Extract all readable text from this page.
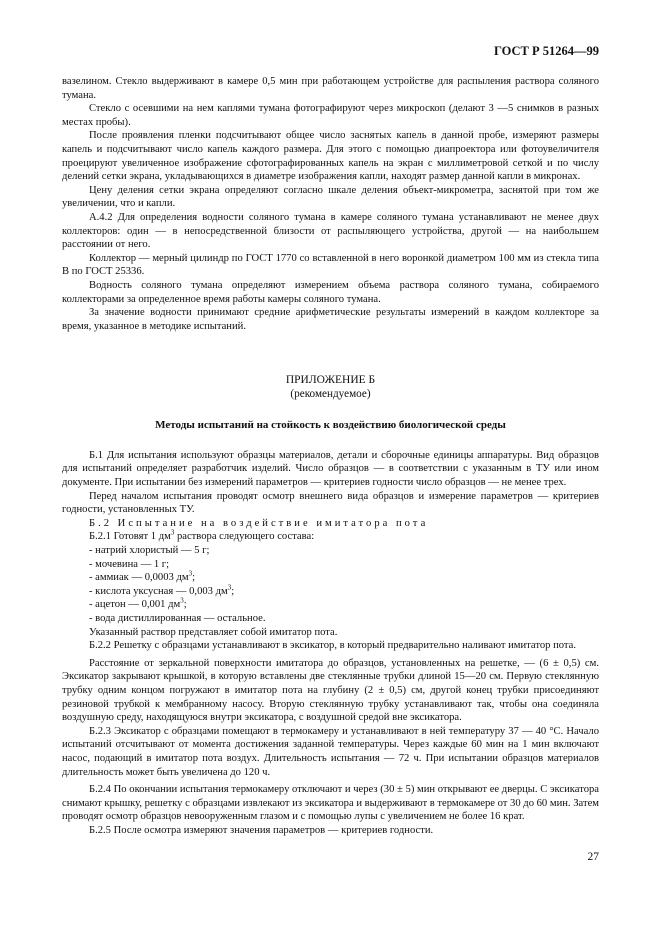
ГОСТ Р 51264—99

вазелином. Стекло выдерживают в камере 0,5 мин при работающем устройстве для распыления раствора соляного тумана.

Стекло с осевшими на нем каплями тумана фотографируют через микроскоп (делают 3 —5 снимков в разных местах пробы).

После проявления пленки подсчитывают общее число заснятых капель в данной пробе, измеряют размеры капель и подсчитывают число капель каждого размера. Для этого с помощью диапроектора или фотоувеличителя проецируют увеличенное изображение сфотографированных капель на экран с миллиметровой сеткой и по числу делений сетки экрана, укладывающихся в диаметре изображения капли, находят размер данной капли в микронах.

Цену деления сетки экрана определяют согласно шкале деления объект-микрометра, заснятой при том же увеличении, что и капли.

А.4.2 Для определения водности соляного тумана в камере соляного тумана устанавливают не менее двух коллекторов: один — в непосредственной близости от распыляющего устройства, другой — на наибольшем расстоянии от него.

Коллектор — мерный цилиндр по ГОСТ 1770 со вставленной в него воронкой диаметром 100 мм из стекла типа В по ГОСТ 25336.

Водность соляного тумана определяют измерением объема раствора соляного тумана, собираемого коллекторами за определенное время работы камеры соляного тумана.

За значение водности принимают средние арифметические результаты измерений в каждом коллекторе за время, указанное в методике испытаний.

ПРИЛОЖЕНИЕ Б
(рекомендуемое)
Методы испытаний на стойкость к воздействию биологической среды

Б.1 Для испытания используют образцы материалов, детали и сборочные единицы аппаратуры. Вид образцов для испытаний определяет разработчик изделий. Число образцов — в соответствии с указанным в ТУ или ином документе. При испытании без измерений параметров — критериев годности число образцов — не менее трех.

Перед началом испытания проводят осмотр внешнего вида образцов и измерение параметров — критериев годности, установленных ТУ.

Б.2 Испытание на воздействие имитатора пота

Б.2.1 Готовят 1 $дм^3$ раствора следующего состава:

- натрий хлористый — 5 г;

- мочевина — 1 г;

- аммиак — 0,0003 $дм^3$;

- кислота уксусная — 0,003 $дм^3$;

- ацетон — 0,001 $дм^3$;

- вода дистиллированная — остальное.

Указанный раствор представляет собой имитатор пота.

Б.2.2 Решетку с образцами устанавливают в эксикатор, в который предварительно наливают имитатор пота.

Расстояние от зеркальной поверхности имитатора до образцов, установленных на решетке, — (6 ± 0,5) см. Эксикатор закрывают крышкой, в которую вставлены две стеклянные трубки длиной 15—20 см. Первую стеклянную трубку одним концом погружают в имитатор пота на глубину (2 ± 0,5) см, другой конец трубки присоединяют резиновой трубкой к мембранному насосу. Вторую стеклянную трубку устанавливают так, чтобы она соединяла воздушную среду, находящуюся внутри эксикатора, с воздушной средой вне эксикатора.

Б.2.3 Эксикатор с образцами помещают в термокамеру и устанавливают в ней температуру 37 — 40 °С. Начало испытаний отсчитывают от момента достижения заданной температуры. Через каждые 60 мин на 1 мин включают насос, подающий в имитатор пота воздух. Длительность испытания — 72 ч. При испытании образцов материалов длительность может быть увеличена до 120 ч.

Б.2.4 По окончании испытания термокамеру отключают и через (30 ± 5) мин открывают ее дверцы. С эксикатора снимают крышку, решетку с образцами извлекают из эксикатора и выдерживают в термокамере от 30 до 60 мин. Затем проводят осмотр образцов невооруженным глазом и с помощью лупы с увеличением не более 16 крат.

Б.2.5 После осмотра измеряют значения параметров — критериев годности.

27
